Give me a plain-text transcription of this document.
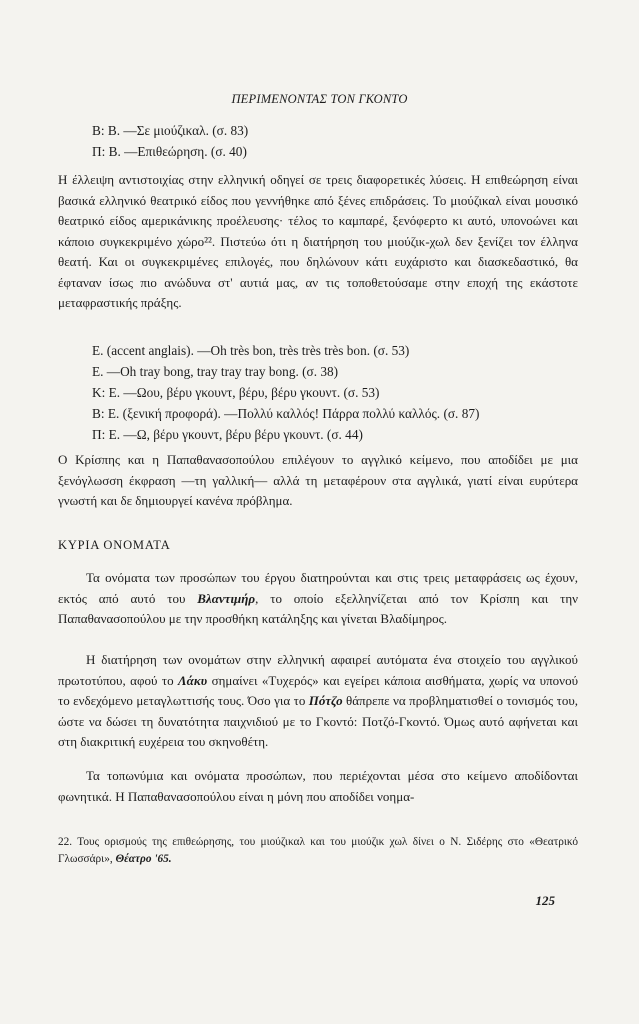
ΠΕΡΙΜΕΝΟΝΤΑΣ ΤΟΝ ΓΚΟΝΤΟ
Β: Β. —Σε μιούζικαλ. (σ. 83)
Π: Β. —Επιθεώρηση. (σ. 40)

Η έλλειψη αντιστοιχίας στην ελληνική οδηγεί σε τρεις διαφορετικές λύσεις. Η επιθεώρηση είναι βασικά ελληνικό θεατρικό είδος που γεννήθηκε από ξένες επιδράσεις. Το μιούζικαλ είναι μουσικό θεατρικό είδος αμερικάνικης προέλευσης· τέλος το καμπαρέ, ξενόφερτο κι αυτό, υπονοώνει και κάποιο συγκεκριμένο χώρο²². Πιστεύω ότι η διατήρηση του μιούζικ-χωλ δεν ξενίζει τον έλληνα θεατή. Και οι συγκεκριμένες επιλογές, που δηλώνουν κάτι ευχάριστο και διασκεδαστικό, θα έφταναν ίσως πιο ανώδυνα στ' αυτιά μας, αν τις τοποθετούσαμε στην εποχή της εκάστοτε μεταφραστικής πράξης.

Ε. (accent anglais). —Oh très bon, très très très bon. (σ. 53)
Ε. —Oh tray bong, tray tray tray bong. (σ. 38)
Κ: Ε. —Ωου, βέρυ γκουντ, βέρυ, βέρυ γκουντ. (σ. 53)
Β: Ε. (ξενική προφορά). —Πολλύ καλλός! Πάρρα πολλύ καλλός. (σ. 87)
Π: Ε. —Ω, βέρυ γκουντ, βέρυ βέρυ γκουντ. (σ. 44)

Ο Κρίσπης και η Παπαθανασοπούλου επιλέγουν το αγγλικό κείμενο, που αποδίδει με μια ξενόγλωσση έκφραση —τη γαλλική— αλλά τη μεταφέρουν στα αγγλικά, γιατί είναι ευρύτερα γνωστή και δε δημιουργεί κανένα πρόβλημα.

ΚΥΡΙΑ ΟΝΟΜΑΤΑ

Τα ονόματα των προσώπων του έργου διατηρούνται και στις τρεις μεταφράσεις ως έχουν, εκτός από αυτό του Βλαντιμήρ, το οποίο εξελληνίζεται από τον Κρίσπη και την Παπαθανασοπούλου με την προσθήκη κατάληξης και γίνεται Βλαδίμηρος.

Η διατήρηση των ονομάτων στην ελληνική αφαιρεί αυτόματα ένα στοιχείο του αγγλικού πρωτοτύπου, αφού το Λάκυ σημαίνει «Τυχερός» και εγείρει κάποια αισθήματα, χωρίς να υπονού το ενδεχόμενο μεταγλωττισής τους. Όσο για το Πότζο θάπρεπε να προβληματισθεί ο τονισμός του, ώστε να δώσει τη δυνατότητα παιχνιδιού με το Γκοντό: Ποτζό-Γκοντό. Όμως αυτό αφήνεται και στη διακριτική ευχέρεια του σκηνοθέτη.

Τα τοπωνύμια και ονόματα προσώπων, που περιέχονται μέσα στο κείμενο αποδίδονται φωνητικά. Η Παπαθανασοπούλου είναι η μόνη που αποδίδει νοημα-

22. Τους ορισμούς της επιθεώρησης, του μιούζικαλ και του μιούζικ χωλ δίνει ο Ν. Σιδέρης στο «Θεατρικό Γλωσσάρι», Θέατρο '65.
125
